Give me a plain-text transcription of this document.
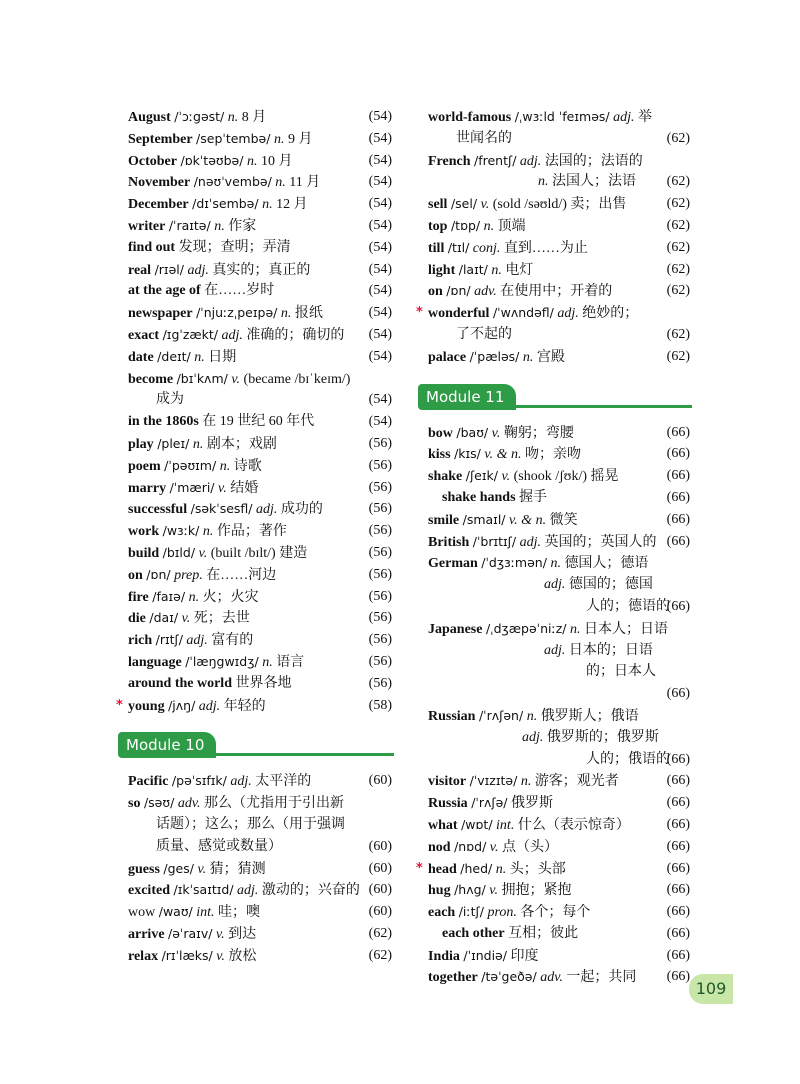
August /ˈɔːgəst/ n. 8 月	(54)
September /sepˈtembə/ n. 9 月	(54)
October /ɒkˈtəʊbə/ n. 10 月	(54)
November /nəʊˈvembə/ n. 11 月	(54)
December /dɪˈsembə/ n. 12 月	(54)
writer /ˈraɪtə/ n. 作家	(54)
find out 发现；查明；弄清	(54)
real /rɪəl/ adj. 真实的；真正的	(54)
at the age of 在……岁时	(54)
newspaper /ˈnjuːzˌpeɪpə/ n. 报纸	(54)
exact /ɪgˈzækt/ adj. 准确的；确切的 (54)
date /deɪt/ n. 日期	(54)
become /bɪˈkʌm/ v. (became /bɪˈkeɪm/)
成为	(54)
in the 1860s 在 19 世纪 60 年代	(54)
play /pleɪ/ n. 剧本；戏剧	(56)
poem /ˈpəʊɪm/ n. 诗歌	(56)
marry /ˈmæri/ v. 结婚	(56)
successful /səkˈsesfl/ adj. 成功的	(56)
work /wɜːk/ n. 作品；著作	(56)
build /bɪld/ v. (built /bɪlt/) 建造	(56)
on /ɒn/ prep. 在……河边	(56)
fire /faɪə/ n. 火；火灾	(56)
die /daɪ/ v. 死；去世	(56)
rich /rɪtʃ/ adj. 富有的	(56)
language /ˈlæŋgwɪdʒ/ n. 语言	(56)
around the world 世界各地	(56)
* young /jʌŋ/ adj. 年轻的	(58)
Module 10
Pacific /pəˈsɪfɪk/ adj. 太平洋的	(60)
so /səʊ/ adv. 那么（尤指用于引出新
话题）；这么；那么（用于强调
质量、感觉或数量）	(60)
guess /ges/ v. 猜；猜测	(60)
excited /ɪkˈsaɪtɪd/ adj. 激动的；兴奋的 (60)
wow /waʊ/ int. 哇；噢	(60)
arrive /əˈraɪv/ v. 到达	(62)
relax /rɪˈlæks/ v. 放松	(62)
world-famous /ˌwɜːld ˈfeɪməs/ adj. 举
世闻名的	(62)
French /frentʃ/ adj. 法国的；法语的
n. 法国人；法语 (62)
sell /sel/ v. (sold /səʊld/) 卖；出售	(62)
top /tɒp/ n. 顶端	(62)
till /tɪl/ conj. 直到……为止	(62)
light /laɪt/ n. 电灯	(62)
on /ɒn/ adv. 在使用中；开着的	(62)
* wonderful /ˈwʌndəfl/ adj. 绝妙的；
了不起的	(62)
palace /ˈpæləs/ n. 宫殿	(62)
Module 11
bow /baʊ/ v. 鞠躬；弯腰	(66)
kiss /kɪs/ v. & n. 吻；亲吻	(66)
shake /ʃeɪk/ v. (shook /ʃʊk/) 摇晃	(66)
shake hands 握手	(66)
smile /smaɪl/ v. & n. 微笑	(66)
British /ˈbrɪtɪʃ/ adj. 英国的；英国人的 (66)
German /ˈdʒɜːmən/ n. 德国人；德语
adj. 德国的；德国
人的；德语的
(66)
Japanese /ˌdʒæpəˈniːz/ n. 日本人；日语
adj. 日本的；日语
的；日本人
(66)
Russian /ˈrʌʃən/ n. 俄罗斯人；俄语
adj. 俄罗斯的；俄罗斯
人的；俄语的
(66)
visitor /ˈvɪzɪtə/ n. 游客；观光者	(66)
Russia /ˈrʌʃə/ 俄罗斯	(66)
what /wɒt/ int. 什么（表示惊奇）	(66)
nod /nɒd/ v. 点（头）	(66)
* head /hed/ n. 头；头部	(66)
hug /hʌg/ v. 拥抱；紧抱	(66)
each /iːtʃ/ pron. 各个；每个	(66)
each other 互相；彼此	(66)
India /ˈɪndiə/ 印度	(66)
together /təˈgeðə/ adv. 一起；共同 (66)
109
